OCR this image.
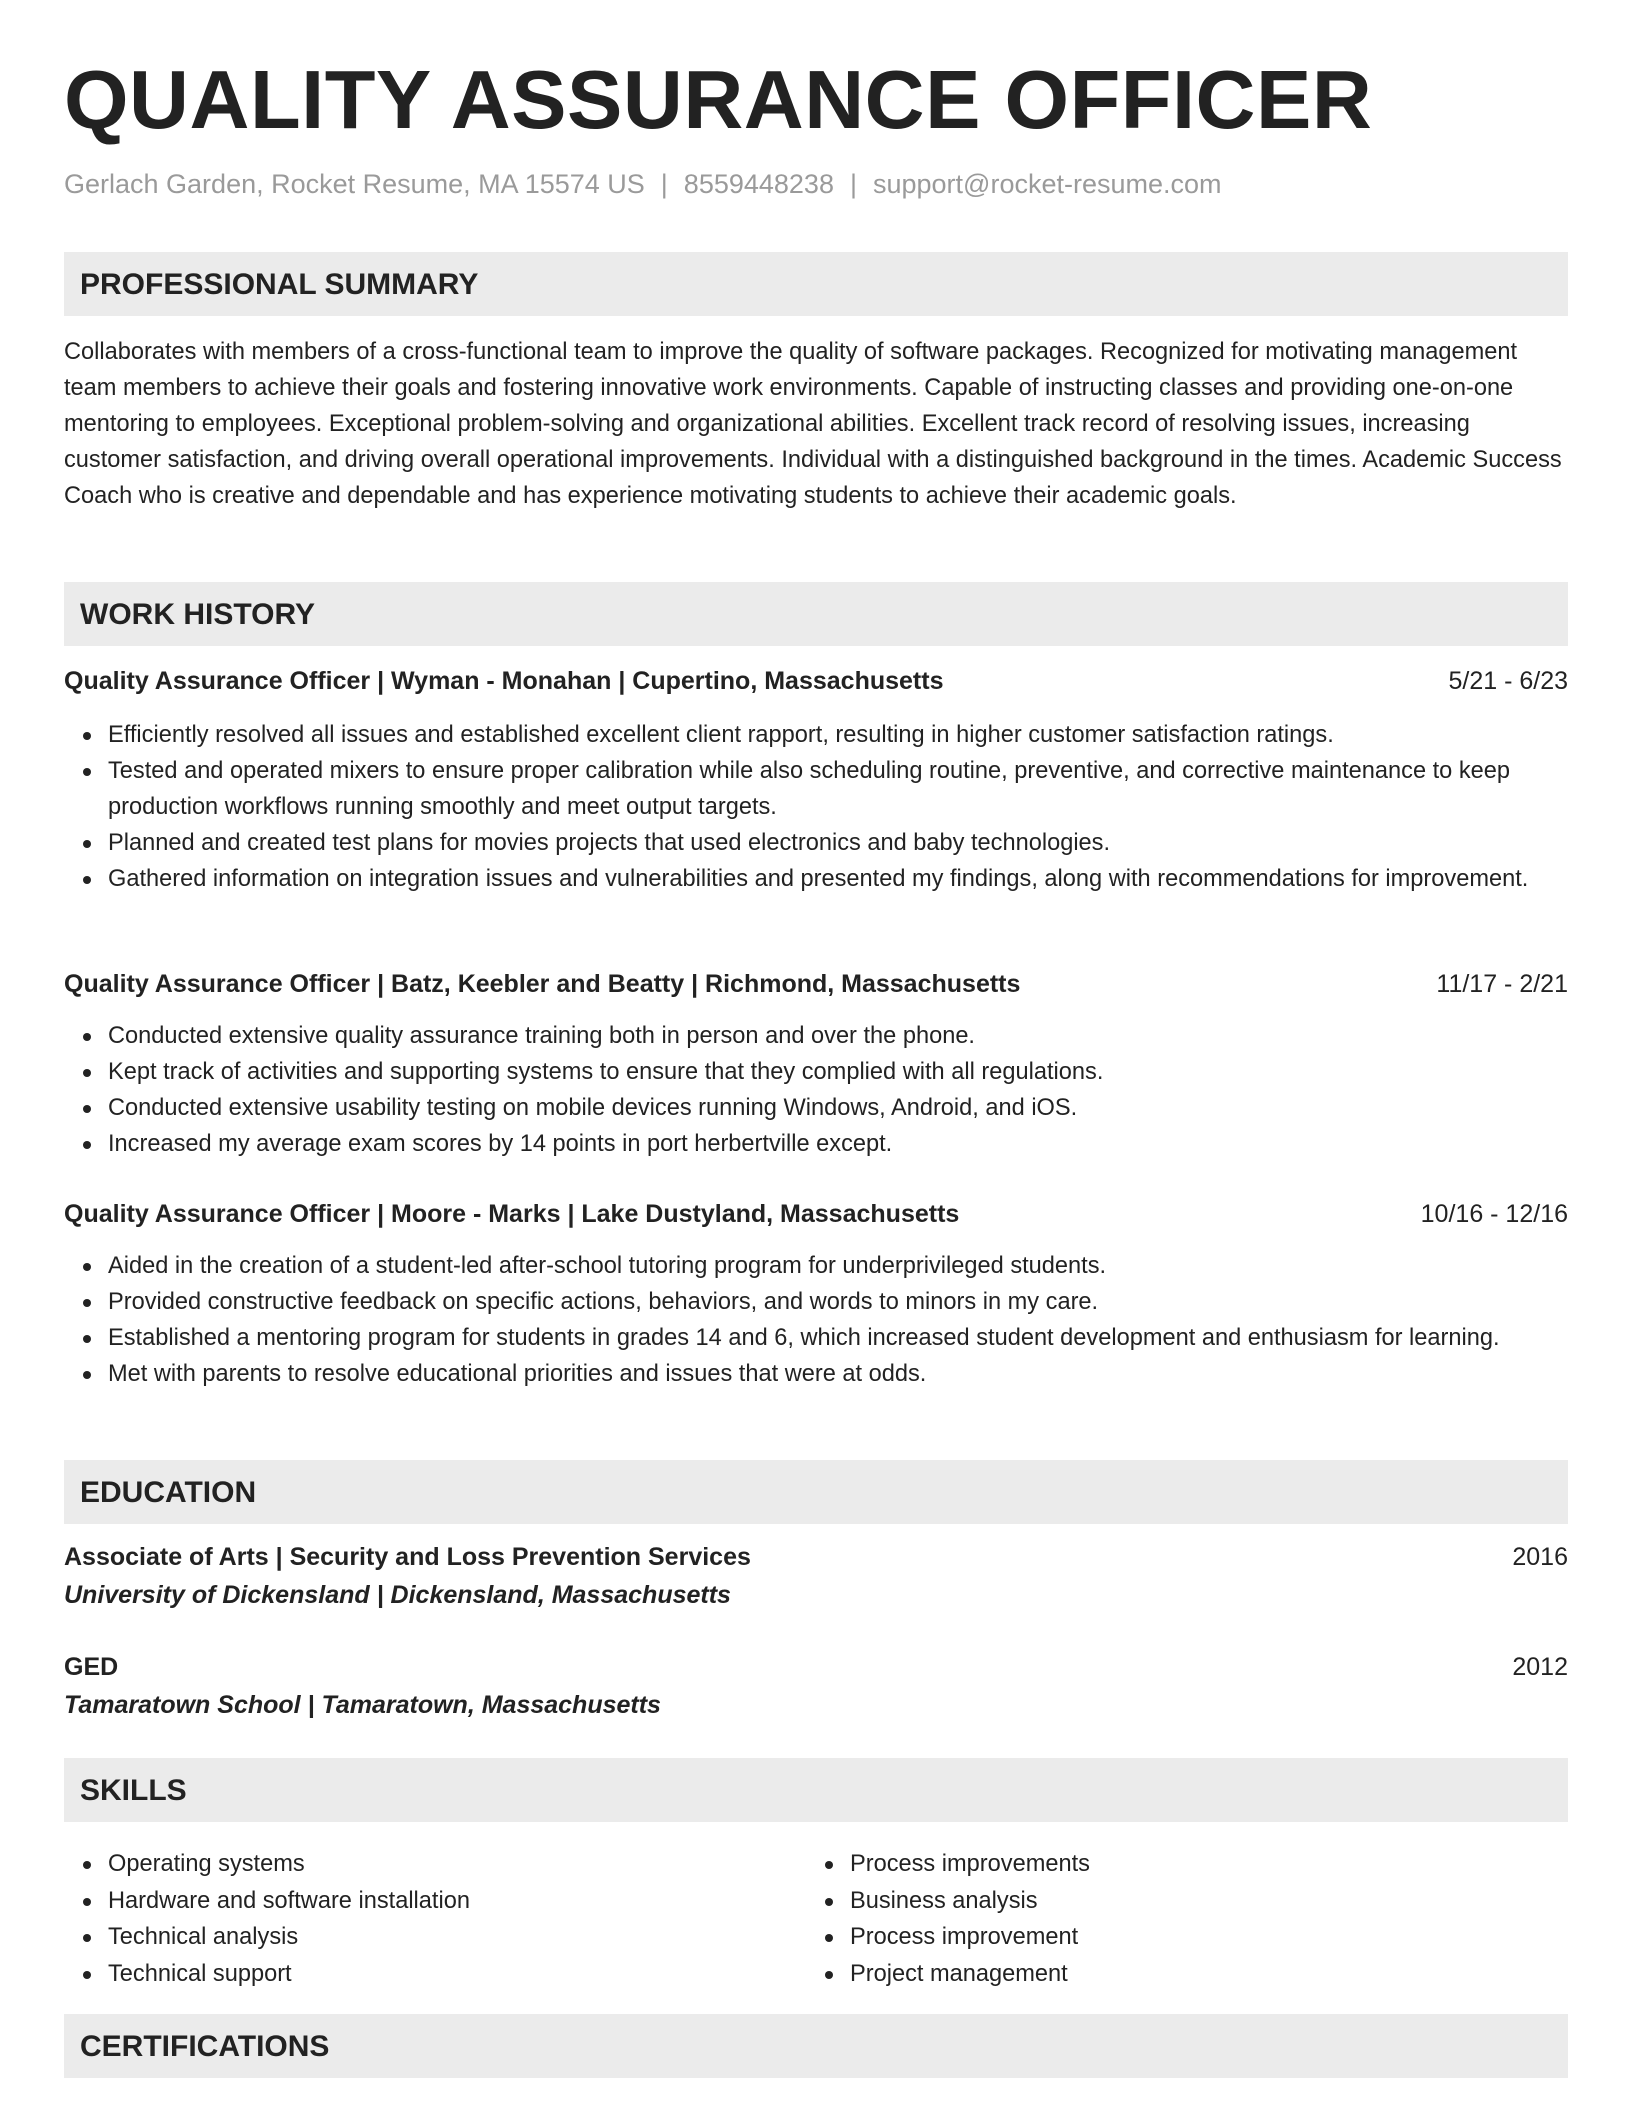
QUALITY ASSURANCE OFFICER
Gerlach Garden, Rocket Resume, MA 15574 US | 8559448238 | support@rocket-resume.com
PROFESSIONAL SUMMARY
Collaborates with members of a cross-functional team to improve the quality of software packages. Recognized for motivating management team members to achieve their goals and fostering innovative work environments. Capable of instructing classes and providing one-on-one mentoring to employees. Exceptional problem-solving and organizational abilities. Excellent track record of resolving issues, increasing customer satisfaction, and driving overall operational improvements. Individual with a distinguished background in the times. Academic Success Coach who is creative and dependable and has experience motivating students to achieve their academic goals.
WORK HISTORY
Quality Assurance Officer | Wyman - Monahan | Cupertino, Massachusetts	5/21 - 6/23
Efficiently resolved all issues and established excellent client rapport, resulting in higher customer satisfaction ratings.
Tested and operated mixers to ensure proper calibration while also scheduling routine, preventive, and corrective maintenance to keep production workflows running smoothly and meet output targets.
Planned and created test plans for movies projects that used electronics and baby technologies.
Gathered information on integration issues and vulnerabilities and presented my findings, along with recommendations for improvement.
Quality Assurance Officer | Batz, Keebler and Beatty | Richmond, Massachusetts	11/17 - 2/21
Conducted extensive quality assurance training both in person and over the phone.
Kept track of activities and supporting systems to ensure that they complied with all regulations.
Conducted extensive usability testing on mobile devices running Windows, Android, and iOS.
Increased my average exam scores by 14 points in port herbertville except.
Quality Assurance Officer | Moore - Marks | Lake Dustyland, Massachusetts	10/16 - 12/16
Aided in the creation of a student-led after-school tutoring program for underprivileged students.
Provided constructive feedback on specific actions, behaviors, and words to minors in my care.
Established a mentoring program for students in grades 14 and 6, which increased student development and enthusiasm for learning.
Met with parents to resolve educational priorities and issues that were at odds.
EDUCATION
Associate of Arts | Security and Loss Prevention Services	2016
University of Dickensland | Dickensland, Massachusetts
GED	2012
Tamaratown School | Tamaratown, Massachusetts
SKILLS
Operating systems
Hardware and software installation
Technical analysis
Technical support
Process improvements
Business analysis
Process improvement
Project management
CERTIFICATIONS
